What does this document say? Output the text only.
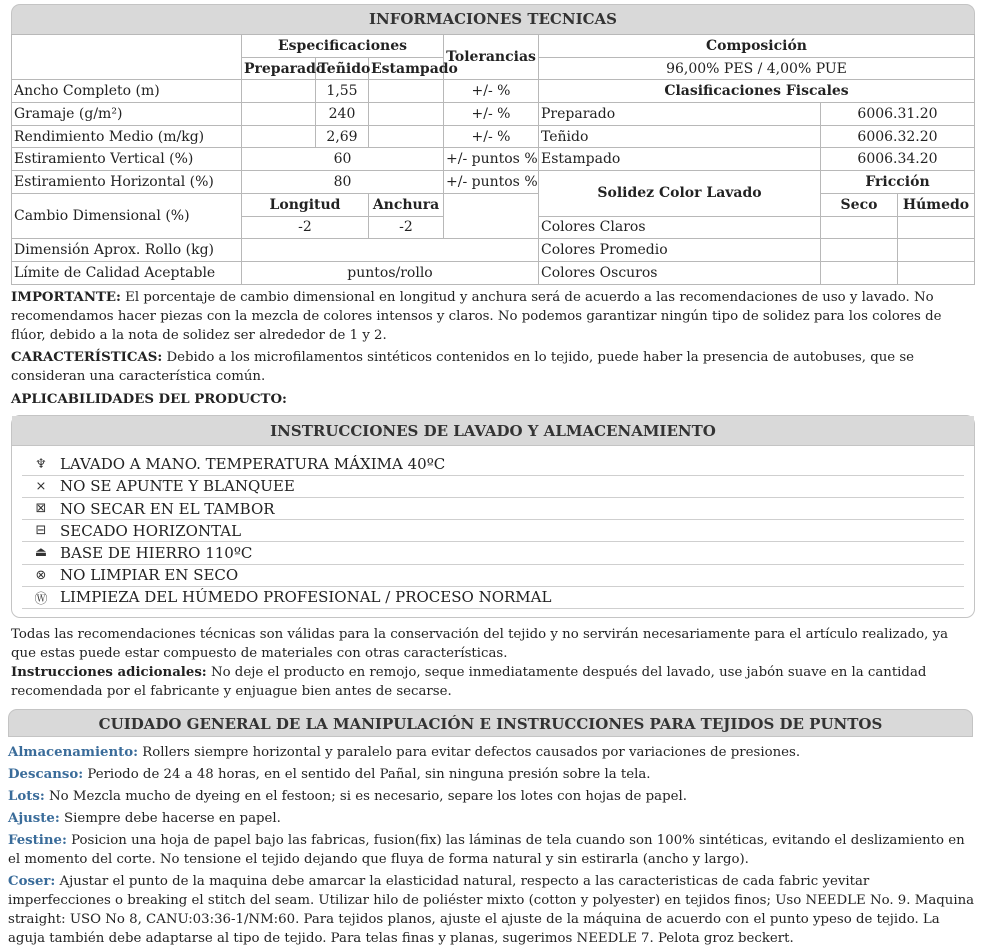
INFORMACIONES TECNICAS
	Especificaciones			Tolerancias	Composición		
	Preparado	Teñido	Estampado		96,00% PES / 4,00% PUE		
Ancho Completo (m)		1,55		+/- %	Clasificaciones Fiscales		
Gramaje (g/m²)		240		+/- %	Preparado	6006.31.20	
Rendimiento Medio (m/kg)		2,69		+/- %	Teñido	6006.32.20	
Estiramiento Vertical (%)	60			+/- puntos %	Estampado	6006.34.20	
Estiramiento Horizontal (%)	80			+/- puntos %	Solidez Color Lavado	Fricción	
Cambio Dimensional (%)	Longitud		Anchura			Seco	Húmedo
	-2		-2		Colores Claros		
Dimensión Aprox. Rollo (kg)					Colores Promedio		
Límite de Calidad Aceptable	puntos/rollo				Colores Oscuros		

IMPORTANTE: El porcentaje de cambio dimensional en longitud y anchura será de acuerdo a las recomendaciones de uso y lavado. No recomendamos hacer piezas con la mezcla de colores intensos y claros. No podemos garantizar ningún tipo de solidez para los colores de flúor, debido a la nota de solidez ser alrededor de 1 y 2.

CARACTERÍSTICAS: Debido a los microfilamentos sintéticos contenidos en lo tejido, puede haber la presencia de autobuses, que se consideran una característica común.

APLICABILIDADES DEL PRODUCTO:

INSTRUCCIONES DE LAVADO Y ALMACENAMIENTO
♆ LAVADO A MANO. TEMPERATURA MÁXIMA 40ºC
⨯ NO SE APUNTE Y BLANQUEE
⊠ NO SECAR EN EL TAMBOR
⊟ SECADO HORIZONTAL
⏏ BASE DE HIERRO 110ºC
⊗ NO LIMPIAR EN SECO
Ⓦ LIMPIEZA DEL HÚMEDO PROFESIONAL / PROCESO NORMAL

Todas las recomendaciones técnicas son válidas para la conservación del tejido y no servirán necesariamente para el artículo realizado, ya que estas puede estar compuesto de materiales con otras características.

Instrucciones adicionales: No deje el producto en remojo, seque inmediatamente después del lavado, use jabón suave en la cantidad recomendada por el fabricante y enjuague bien antes de secarse.

CUIDADO GENERAL DE LA MANIPULACIÓN E INSTRUCCIONES PARA TEJIDOS DE PUNTOS
Almacenamiento: Rollers siempre horizontal y paralelo para evitar defectos causados por variaciones de presiones.
Descanso: Periodo de 24 a 48 horas, en el sentido del Pañal, sin ninguna presión sobre la tela.
Lots: No Mezcla mucho de dyeing en el festoon; si es necesario, separe los lotes con hojas de papel.
Ajuste: Siempre debe hacerse en papel.
Festine: Posicion una hoja de papel bajo las fabricas, fusion(fix) las láminas de tela cuando son 100% sintéticas, evitando el deslizamiento en el momento del corte. No tensione el tejido dejando que fluya de forma natural y sin estirarla (ancho y largo).
Coser: Ajustar el punto de la maquina debe amarcar la elasticidad natural, respecto a las caracteristicas de cada fabric yevitar imperfecciones o breaking el stitch del seam. Utilizar hilo de poliéster mixto (cotton y polyester) en tejidos finos; Uso NEEDLE No. 9. Maquina straight: USO No 8, CANU:03:36-1/NM:60. Para tejidos planos, ajuste el ajuste de la máquina de acuerdo con el punto ypeso de tejido. La aguja también debe adaptarse al tipo de tejido. Para telas finas y planas, sugerimos NEEDLE 7. Pelota groz beckert.
